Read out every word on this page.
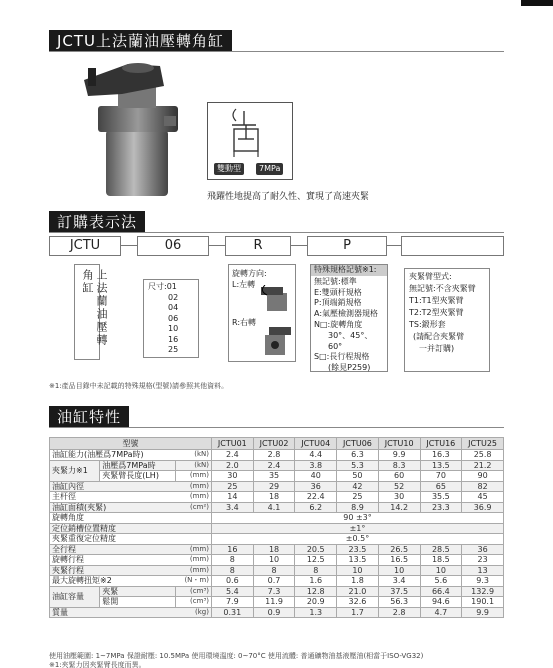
JCTU上法蘭油壓轉角缸
雙動型	7MPa
飛躍性地提高了耐久性、實現了高速夾緊
訂購表示法
JCTU	06	R	P
上法蘭油壓轉角缸	尺寸: 01
02
04
06
10
16
25
旋轉方向:
L:左轉
R:右轉
特殊規格記號※1:
無記號:標準
E:雙頭杆規格
P:頂端銷規格
A:氣壓檢測器規格
N□:旋轉角度
30°、45°、60°
S□:長行程規格
(餘見P259)
夾緊臂型式:
無記號:不含夾緊臂
T1:T1型夾緊臂
T2:T2型夾緊臂
TS:鍛形套
(請配合夾緊臂
一并訂購)
※1:產品目錄中未記載的特殊規格(型號)請參照其他資料。
油缸特性
型號			JCTU01	JCTU02	JCTU04	JCTU06	JCTU10	JCTU16	JCTU25
油缸能力(油壓爲7MPa時)		(kN)	2.4	2.8	4.4	6.3	9.9	16.3	25.8
夾緊力※1	油壓爲7MPa時	(kN)	2.0	2.4	3.8	5.3	8.3	13.5	21.2
	夾緊臂長度(LH)	(mm)	30	35	40	50	60	70	90
油缸內徑		(mm)	25	29	36	42	52	65	82
主杆徑		(mm)	14	18	22.4	25	30	35.5	45
油缸面積(夾緊)		(cm²)	3.4	4.1	6.2	8.9	14.2	23.3	36.9
旋轉角度			90 ±3°						
定位銷槽位置精度			±1°						
夾緊重復定位精度			±0.5°						
全行程		(mm)	16	18	20.5	23.5	26.5	28.5	36
旋轉行程		(mm)	8	10	12.5	13.5	16.5	18.5	23
夾緊行程		(mm)	8	8	8	10	10	10	13
最大旋轉扭矩※2		(N・m)	0.6	0.7	1.6	1.8	3.4	5.6	9.3
油缸容量	夾緊	(cm³)	5.4	7.3	12.8	21.0	37.5	66.4	132.9
	鬆開	(cm³)	7.9	11.9	20.9	32.6	56.3	94.6	190.1
質量		(kg)	0.31	0.9	1.3	1.7	2.8	4.7	9.9
使用油壓範圍: 1~7MPa 保證耐壓: 10.5MPa 使用環境溫度: 0~70°C 使用流體: 普通礦物油基液壓油(相當于ISO-VG32)
※1:夾緊力因夾緊臂長度而異。
